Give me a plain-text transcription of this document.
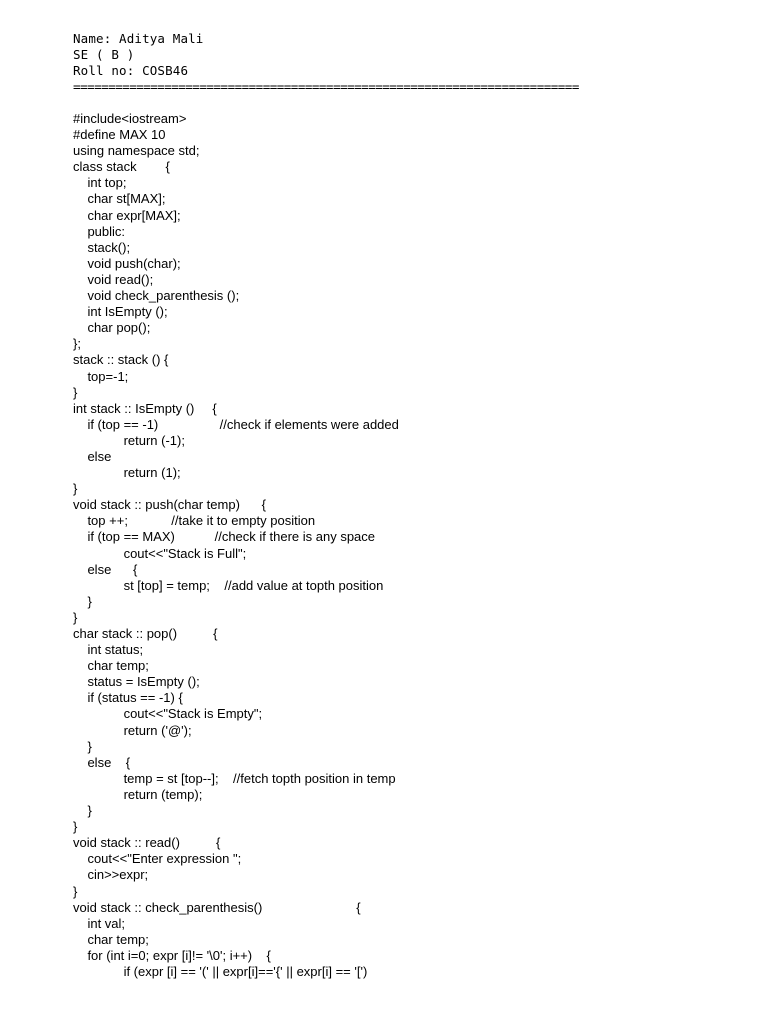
Name: Aditya Mali
SE ( B )
Roll no: COSB46
========================================================================
#include<iostream>
#define MAX 10
using namespace std;
class stack        {
int top;
char st[MAX];
char expr[MAX];
public:
stack();
void push(char);
void read();
void check_parenthesis ();
int IsEmpty ();
char pop();
};
stack :: stack () {
top=-1;
}
int stack :: IsEmpty ()     {
if (top == -1)                 //check if elements were added
return (-1);
else
return (1);
}
void stack :: push(char temp)      {
top ++;            //take it to empty position
if (top == MAX)           //check if there is any space
cout<<"Stack is Full";
else      {
st [top] = temp;    //add value at topth position
}
}
char stack :: pop()          {
int status;
char temp;
status = IsEmpty ();
if (status == -1) {
cout<<"Stack is Empty";
return ('@');
}
else    {
temp = st [top--];    //fetch topth position in temp
return (temp);
}
}
void stack :: read()          {
cout<<"Enter expression ";
cin>>expr;
}
void stack :: check_parenthesis()                          {
int val;
char temp;
for (int i=0; expr [i]!= '\0'; i++)    {
if (expr [i] == '(' || expr[i]=='{' || expr[i] == '[')
